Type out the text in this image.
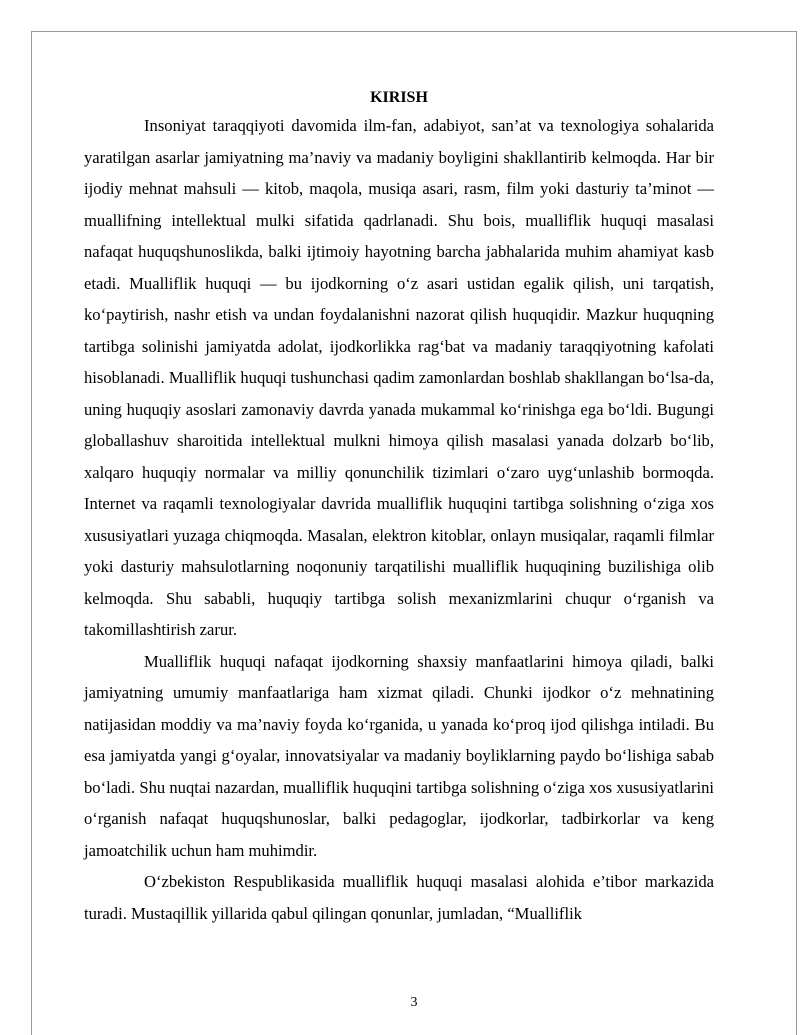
KIRISH

Insoniyat taraqqiyoti davomida ilm-fan, adabiyot, san’at va texnologiya sohalarida yaratilgan asarlar jamiyatning ma’naviy va madaniy boyligini shakllantirib kelmoqda. Har bir ijodiy mehnat mahsuli — kitob, maqola, musiqa asari, rasm, film yoki dasturiy ta’minot — muallifning intellektual mulki sifatida qadrlanadi. Shu bois, mualliflik huquqi masalasi nafaqat huquqshunoslikda, balki ijtimoiy hayotning barcha jabhalarida muhim ahamiyat kasb etadi. Mualliflik huquqi — bu ijodkorning o‘z asari ustidan egalik qilish, uni tarqatish, ko‘paytirish, nashr etish va undan foydalanishni nazorat qilish huquqidir. Mazkur huquqning tartibga solinishi jamiyatda adolat, ijodkorlikka rag‘bat va madaniy taraqqiyotning kafolati hisoblanadi. Mualliflik huquqi tushunchasi qadim zamonlardan boshlab shakllangan bo‘lsa-da, uning huquqiy asoslari zamonaviy davrda yanada mukammal ko‘rinishga ega bo‘ldi. Bugungi globallashuv sharoitida intellektual mulkni himoya qilish masalasi yanada dolzarb bo‘lib, xalqaro huquqiy normalar va milliy qonunchilik tizimlari o‘zaro uyg‘unlashib bormoqda. Internet va raqamli texnologiyalar davrida mualliflik huquqini tartibga solishning o‘ziga xos xususiyatlari yuzaga chiqmoqda. Masalan, elektron kitoblar, onlayn musiqalar, raqamli filmlar yoki dasturiy mahsulotlarning noqonuniy tarqatilishi mualliflik huquqining buzilishiga olib kelmoqda. Shu sababli, huquqiy tartibga solish mexanizmlarini chuqur o‘rganish va takomillashtirish zarur.

Mualliflik huquqi nafaqat ijodkorning shaxsiy manfaatlarini himoya qiladi, balki jamiyatning umumiy manfaatlariga ham xizmat qiladi. Chunki ijodkor o‘z mehnatining natijasidan moddiy va ma’naviy foyda ko‘rganida, u yanada ko‘proq ijod qilishga intiladi. Bu esa jamiyatda yangi g‘oyalar, innovatsiyalar va madaniy boyliklarning paydo bo‘lishiga sabab bo‘ladi. Shu nuqtai nazardan, mualliflik huquqini tartibga solishning o‘ziga xos xususiyatlarini o‘rganish nafaqat huquqshunoslar, balki pedagoglar, ijodkorlar, tadbirkorlar va keng jamoatchilik uchun ham muhimdir.

O‘zbekiston Respublikasida mualliflik huquqi masalasi alohida e’tibor markazida turadi. Mustaqillik yillarida qabul qilingan qonunlar, jumladan, “Mualliflik

3
